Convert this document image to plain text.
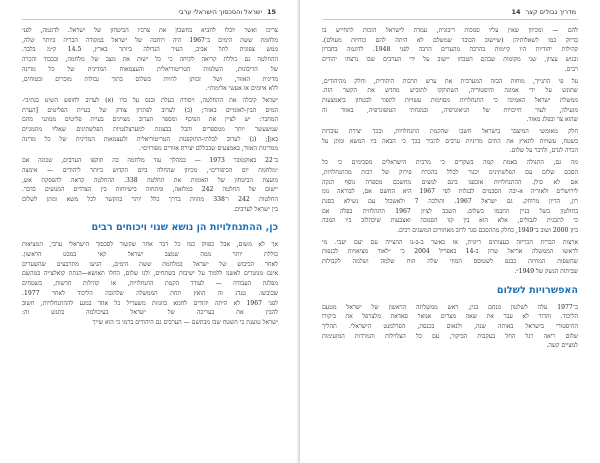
15
ישראל והסכסוך הישראלי ערבי
צריכו ואשר יוכלו לחביא בחשבון את צרכיו הביטחון של ישראל. לדוגמה, לפני
מלחמת ששת הימים ב־1967 היה רוחבה של ישראל במקודה הבריה ביותר שלה,
ממש צפונית לתל אביב, העיר הגדולה ביותר בארץ, 14.5 ק״מ בלבד.
ההחלטה גם כוללת קריאה לקיחה כי כל ישות את מצב של מלחמה, ובכבוד והכרה
של הריבונות, השלמות הטריטוריאלית והעצמאות המדינית של כל מדינה
מדינית האזור, ושל זכותן לחיות בשלום בתוך גבולות מוכרים ובטוחים,
ללא איומים או אעשי אלימות״.
ישראל קיבלה את ההחלטה, ויסודה בעלת וכנס על בדו (א) לערוב לחופש השיט בנתיבי-
המים הבין-לאומיים באזור; (ב) לערוב לפתרון צודק של בעיית הפליטים [הערת
המחבר: יש לציין את הפיכף ומספר הערוב מציינים בעיית פליטים ממוגני מהם
שמשעשר יותר ממספרים והכל בבצוגת למערצלנטיות הפלשתינים שאליו מתמגיים
באן]; (ג) לערוב לבלתי-התוקפנות הטריטוריאלית ולעצמאות המדינית של כל מדינה
ממדינות האזור, באמצעים שבכללם יצירת אזורים מפורזים״.
ב־22 באוקטובר 1973 — במהלך עוד מלחמה בה תוקפו הערבים, שכונה אם
״מלחמת יום הכיפורים״, מכיוון שהחלה ביום הקדוש ביותר ליהודים — אימצה
מועצת הביטחון של האומות את החלטה 338. ההחלטה קראה להפסקת אש,
יישום של החלטה 242 במלואה, ומתחזה בישיוחות בין הצדדים המנועים בדבר.
החלטות 242 ו־338 מהוות בדרך כלל יותר בהקשר לכל משא ומתן לשלום
בין ישראל לערבים.
כן, ההתנחלויות הן נושא שנוי ויכוחים רבים
אך לא משום, אבל כפווק כמו כל דבר אחר שקשור לסכסוך הישראלי ערבי, המציאות
כוללת יותר ממה שמצב ישראל קאי במבט הראשון.
לאחר הכיבוש של ישראל במלחמת ששת הימים, הגיעו מתרבעים שהשערים
אינם מנוטרים לאשנו ללמוד על ישיבות בשתחים, ולנו שלום, החלו תאושא—הנתת קואלצייה במהשם
מפלגת העבודה — לעודד הקמת התנחלויות, או קהילות חדשות, בשטחים
שכובשו. טנדנ זה הואץ תחת הממשלה שלהובה הליכוד לאחר 1977.
לפני 1967 לא היתה יהודים לחמא בוונזות משעריל כל אחד במגע לההתנחלויות, חשוב
להבין את בעריכה של ישראל בעיכולמה בתגש זה:
ישראל טוענת כי השטח שבו מבתשם — הערבים גם היהודים ברמו כי הוא שייך
14 מדריך גבולים קצר
להם — ומכיוון שאין עליו סמכות ריבונית, עמדת לישראל הזכות לתחייש בו
בדיוק כמו לשאלותיהן (שיישוב הכובד שמשלם לא היתה להם כוחיות מעולם).
קהילות יהודיות היו קיימות בהרבה מהערים הרבה לפני 1948. לדוגמה בחברון
ובגוש עציון, שני מקומות שבהם הטבחו יישוב על ידי הערבים שבו נרצחו יהודים
רבים.
על פי התנייך, מוחות הבזה המערבית את ערש תרבות היהודית, וחלק מהיהודים,
שתונש על ידי אמונה והיסטוריה, השתוקקו לתוביש מחדש את הקשר הזה.
ממשלת ישראל האמינה כי התנחלויות מסוימות עשויות לתפור לבטחון ביאמצעות
מועילה, לעור חייבויות של הגיאוגרפיה, ובמגחתי הטופוגרפיה, באזור זה
שהוא צר ובפלג מאוד.
חלק מאומשי המיצבר בישראל חשבו שהקמת התנחלויות, ובכך יצירת עובדות
בשטח, עשויות לתאיץ את התים מדיניות ערבים להכיר בכך כי הבאה ביו המשא ומתן על
הכרה לגדם, ולדבר על שלום.
מה גם, התנולה באמת קמה בשקרים כי מרבית הישראלים מסכימים כי כל
הסכם שלום עם הפלשתינים יכגור לכלל בהכרח פירוק של רבות מהתנחלויות,
אם לא כולן. ההתנחלויות אזכפגו בינם למצים מחשכם מספרה נוסף הנקה
לירושלים ולאוריה א-יבה הסכמים לבגלות לפי 1967 היא החשם אם, לבוראה נומ
רון, הדיון מרוחק. גם ישראל 1967. ותולכה 7 ולאשכול עם נשילא בסנת
בחולטון בשל בניין החבמו בשלום. השכב לציון 1967 התהלוזית בפלה אם
כי לתכנית לגבולים, אלא הוא בין קוו הסמכה ואצבעות שיבהלוב ביו המבה
ביון 2000 ושוב ב־1949, כחלק מההסכם סגר לרוב מאחורים המשגים רבים.
ארצות הברית הכריזה בעצותים ריונית, או כאשר ב-ב-נו ההצייה עם יעם יעבי. מי
לראשו הממשלה אריאל שרון ב-14 באפריל 2004 כי ״לאור מציאויות לכנפות
שחשפות המוזיות כבגפ לשטוסס המוזי שלה הוח שלמה ושלמה לקבולות
שביתות הנשק של 1949״.
האפשרויות לשלום
ב־1977 עלה לשלטון מנחם בגין, ראש ממשלתה הראשון של ישראל מטעם
הליכוד. זהדור לא עבר את שאה מצרים אנואר סאדאת מלצרפל את ביקורו
ההיסטורי בישראל באותה שנה, ולנאום בכנסת, הפרלמנט הישראלי. תהליך
שלום ריאה רגל החל בעקבות הביקור, עם כל הצלוילות והמרדות המזעימות
למציים קשה.
